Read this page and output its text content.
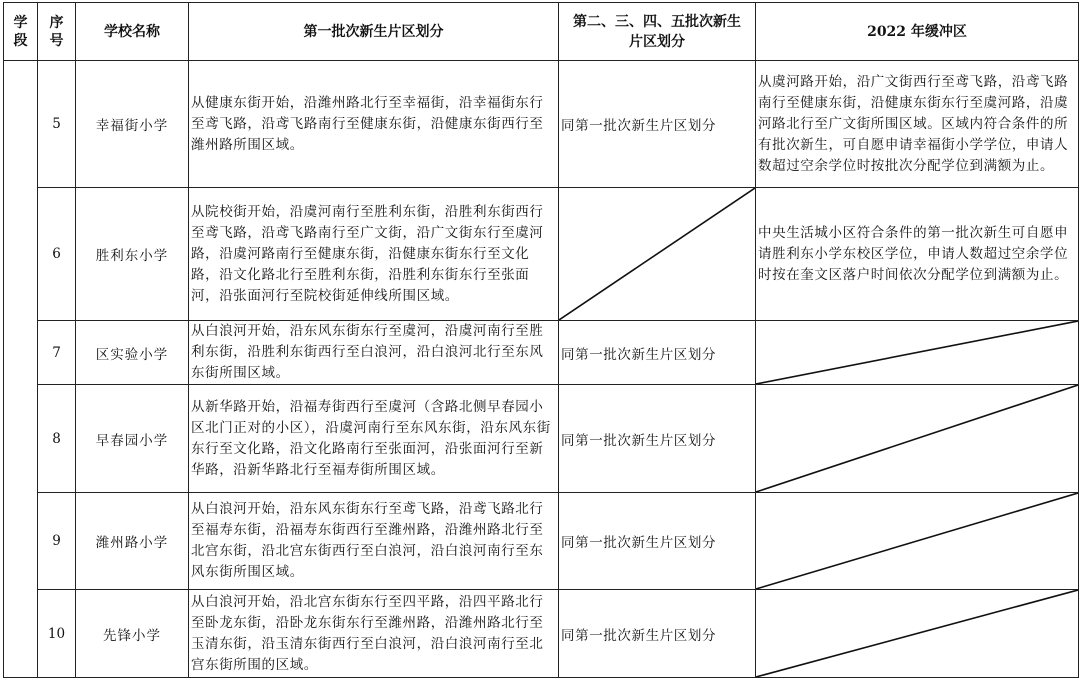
学段	序号	学校名称	第一批次新生片区划分	第二、三、四、五批次新生片区划分	2022 年缓冲区
	5	幸福街小学	从健康东街开始，沿潍州路北行至幸福街，沿幸福街东行至鸢飞路，沿鸢飞路南行至健康东街，沿健康东街西行至潍州路所围区域。	同第一批次新生片区划分	从虞河路开始，沿广文街西行至鸢飞路，沿鸢飞路南行至健康东街，沿健康东街东行至虞河路，沿虞河路北行至广文街所围区域。区域内符合条件的所有批次新生，可自愿申请幸福街小学学位，申请人数超过空余学位时按批次分配学位到满额为止。
	6	胜利东小学	从院校街开始，沿虞河南行至胜利东街，沿胜利东街西行至鸢飞路，沿鸢飞路南行至广文街，沿广文街东行至虞河路，沿虞河路南行至健康东街，沿健康东街东行至文化路，沿文化路北行至胜利东街，沿胜利东街东行至张面河，沿张面河行至院校街延伸线所围区域。		中央生活城小区符合条件的第一批次新生可自愿申请胜利东小学东校区学位，申请人数超过空余学位时按在奎文区落户时间依次分配学位到满额为止。
	7	区实验小学	从白浪河开始，沿东风东街东行至虞河，沿虞河南行至胜利东街，沿胜利东街西行至白浪河，沿白浪河北行至东风东街所围区域。	同第一批次新生片区划分	

	8	早春园小学	从新华路开始，沿福寿街西行至虞河（含路北侧早春园小区北门正对的小区），沿虞河南行至东风东街，沿东风东街东行至文化路，沿文化路南行至张面河，沿张面河行至新华路，沿新华路北行至福寿街所围区域。	同第一批次新生片区划分	

	9	潍州路小学	从白浪河开始，沿东风东街东行至鸢飞路，沿鸢飞路北行至福寿东街，沿福寿东街西行至潍州路，沿潍州路北行至北宫东街，沿北宫东街西行至白浪河，沿白浪河南行至东风东街所围区域。	同第一批次新生片区划分	

	10	先锋小学	从白浪河开始，沿北宫东街东行至四平路，沿四平路北行至卧龙东街，沿卧龙东街东行至潍州路，沿潍州路北行至玉清东街，沿玉清东街西行至白浪河，沿白浪河南行至北宫东街所围的区域。	同第一批次新生片区划分	
